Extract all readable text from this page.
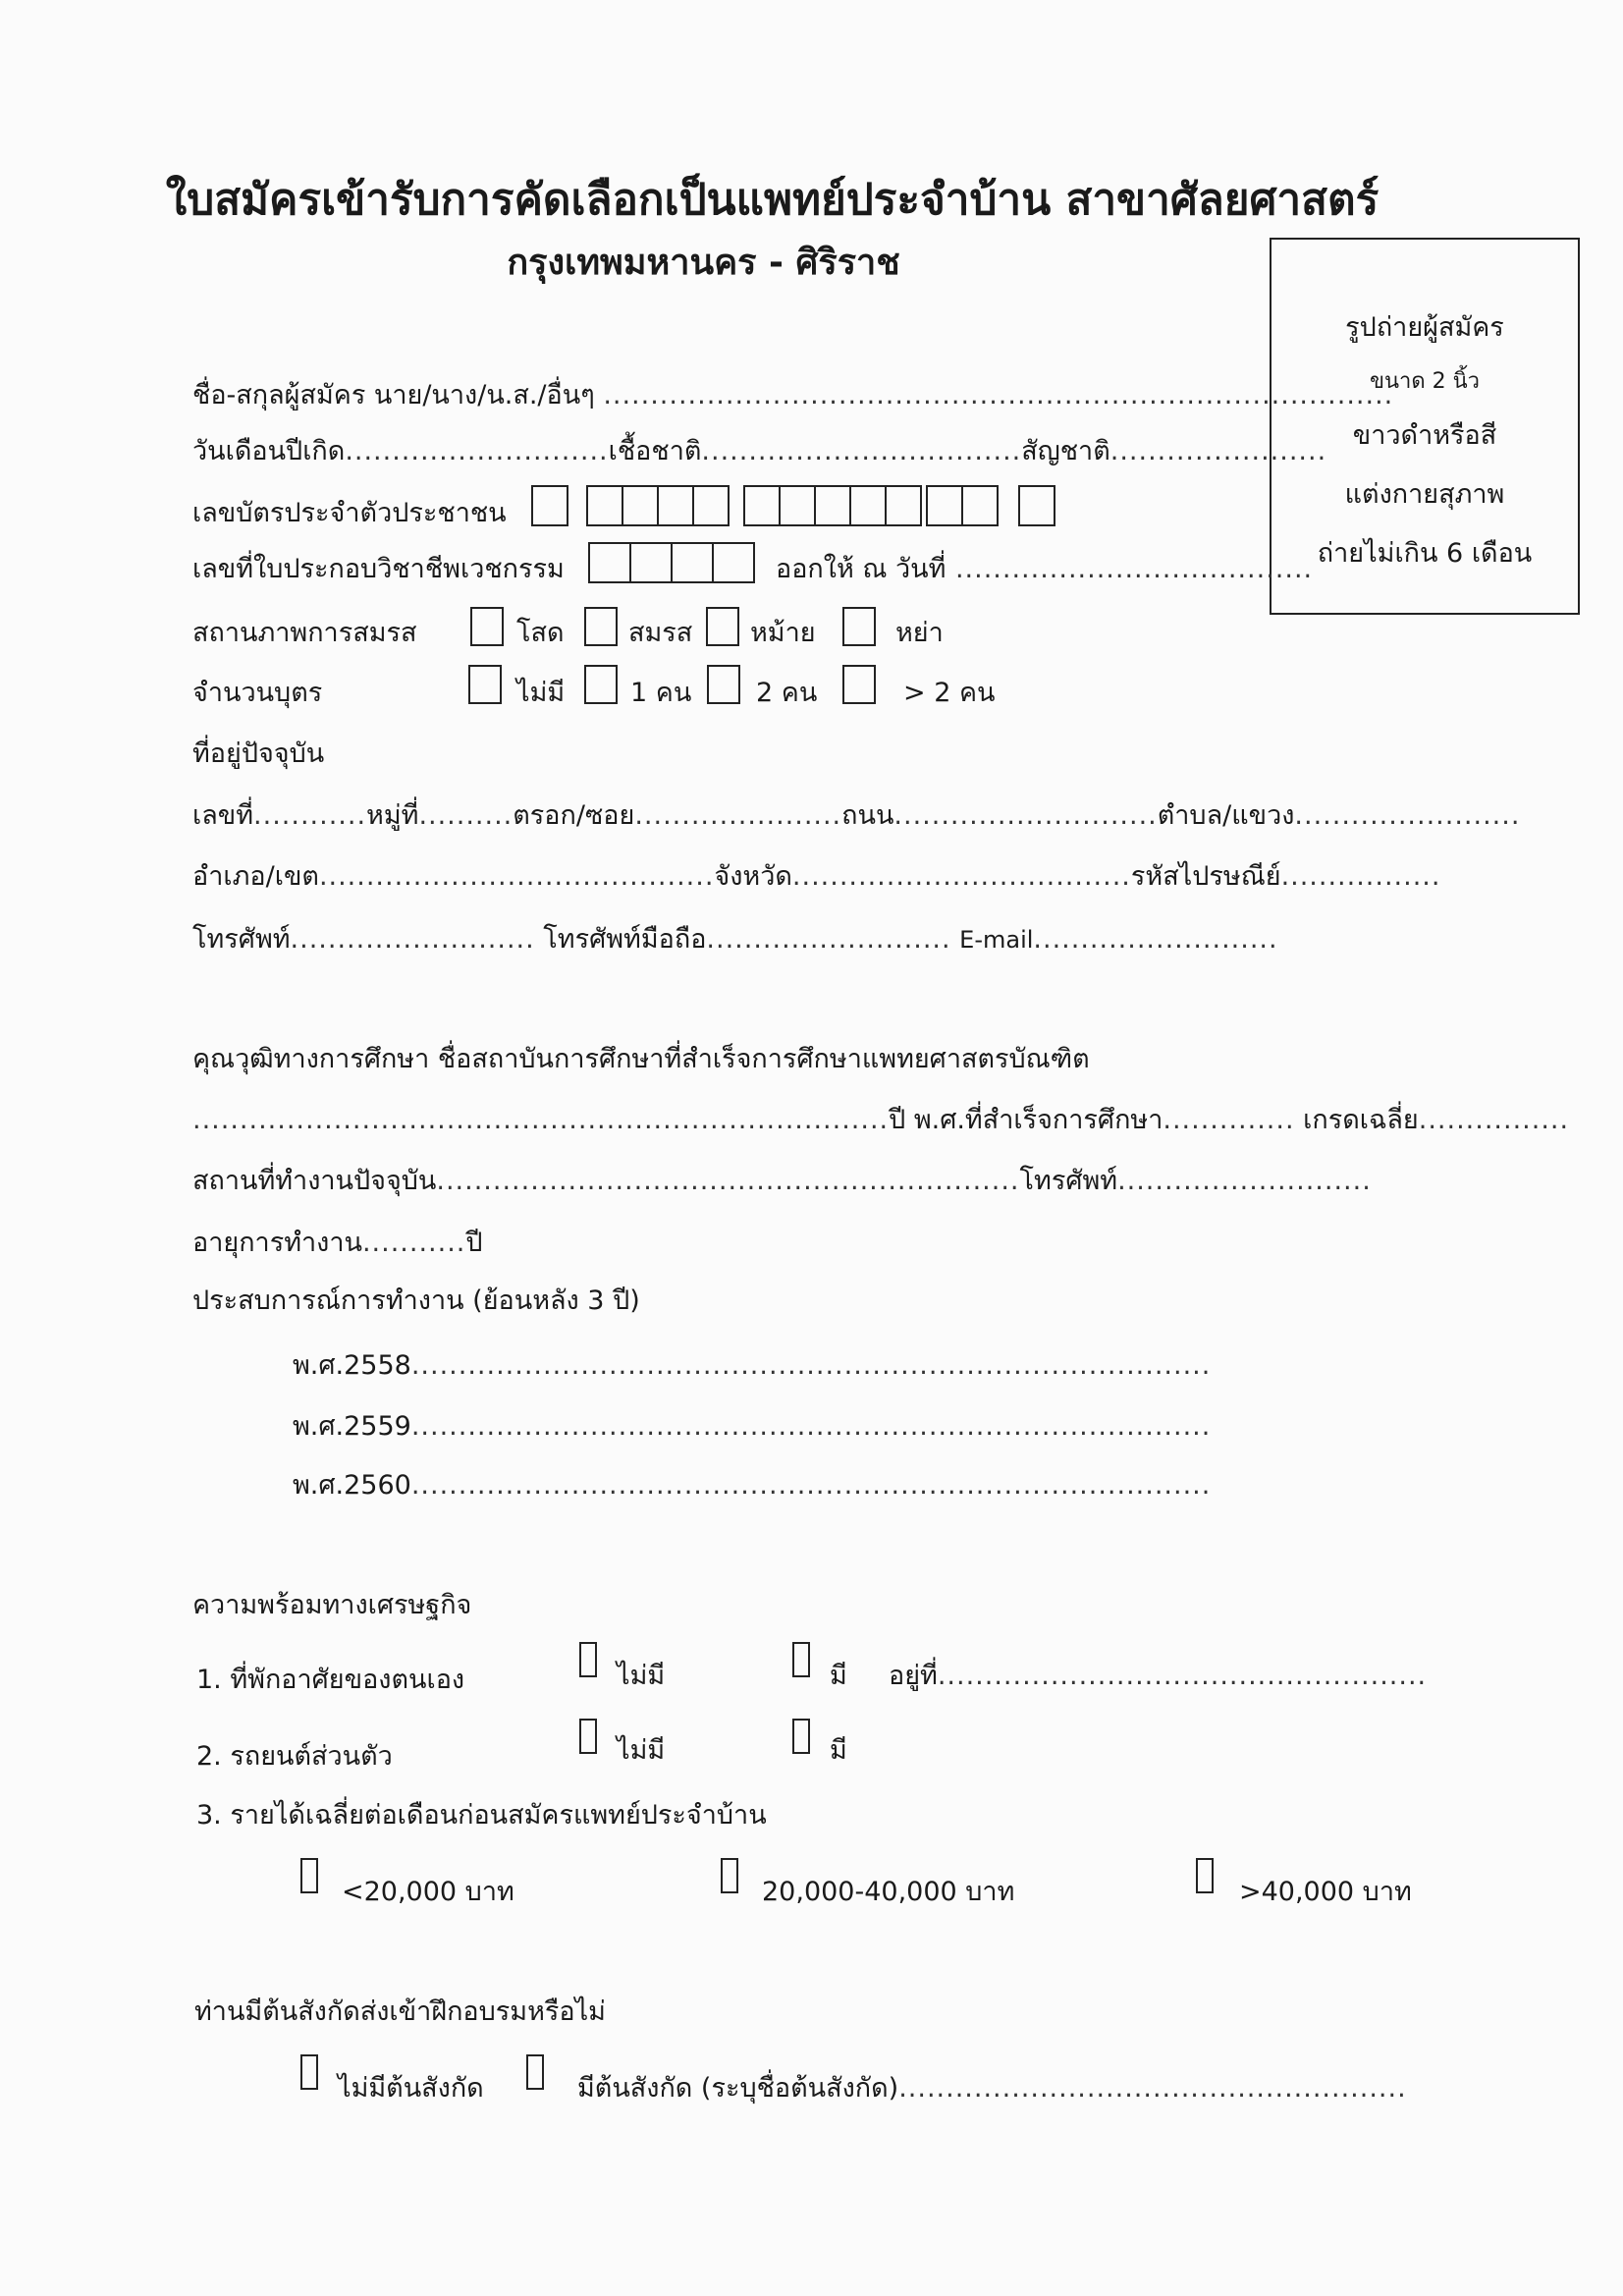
ใบสมัครเข้ารับการคัดเลือกเป็นแพทย์ประจำบ้าน สาขาศัลยศาสตร์
กรุงเทพมหานคร - ศิริราช
รูปถ่ายผู้สมัคร
ขนาด 2 นิ้ว
ขาวดำหรือสี
แต่งกายสุภาพ
ถ่ายไม่เกิน 6 เดือน
ชื่อ-สกุลผู้สมัคร นาย/นาง/น.ส./อื่นๆ ....................................................................................
วันเดือนปีเกิด............................เชื้อชาติ..................................สัญชาติ.......................
เลขบัตรประจำตัวประชาชน
เลขที่ใบประกอบวิชาชีพเวชกรรม	ออกให้ ณ วันที่ ......................................
สถานภาพการสมรส	โสด สมรส หม้าย	หย่า
จำนวนบุตร	ไม่มี 1 คน 2 คน	> 2 คน
ที่อยู่ปัจจุบัน
เลขที่............หมู่ที่..........ตรอก/ซอย......................ถนน............................ตำบล/แขวง........................
อำเภอ/เขต..........................................จังหวัด....................................รหัสไปรษณีย์.................
โทรศัพท์.......................... โทรศัพท์มือถือ.......................... E-mail..........................
คุณวุฒิทางการศึกษา ชื่อสถาบันการศึกษาที่สำเร็จการศึกษาแพทยศาสตรบัณฑิต
..........................................................................ปี พ.ศ.ที่สำเร็จการศึกษา.............. เกรดเฉลี่ย................
สถานที่ทำงานปัจจุบัน..............................................................โทรศัพท์...........................
อายุการทำงาน...........ปี
ประสบการณ์การทำงาน (ย้อนหลัง 3 ปี)
พ.ศ.2558.....................................................................................
พ.ศ.2559.....................................................................................
พ.ศ.2560.....................................................................................
ความพร้อมทางเศรษฐกิจ
1. ที่พักอาศัยของตนเอง	ไม่มี	มี อยู่ที่....................................................
2. รถยนต์ส่วนตัว	ไม่มี	มี
3. รายได้เฉลี่ยต่อเดือนก่อนสมัครแพทย์ประจำบ้าน
<20,000 บาท	20,000-40,000 บาท	>40,000 บาท
ท่านมีต้นสังกัดส่งเข้าฝึกอบรมหรือไม่
ไม่มีต้นสังกัด	มีต้นสังกัด (ระบุชื่อต้นสังกัด)......................................................
